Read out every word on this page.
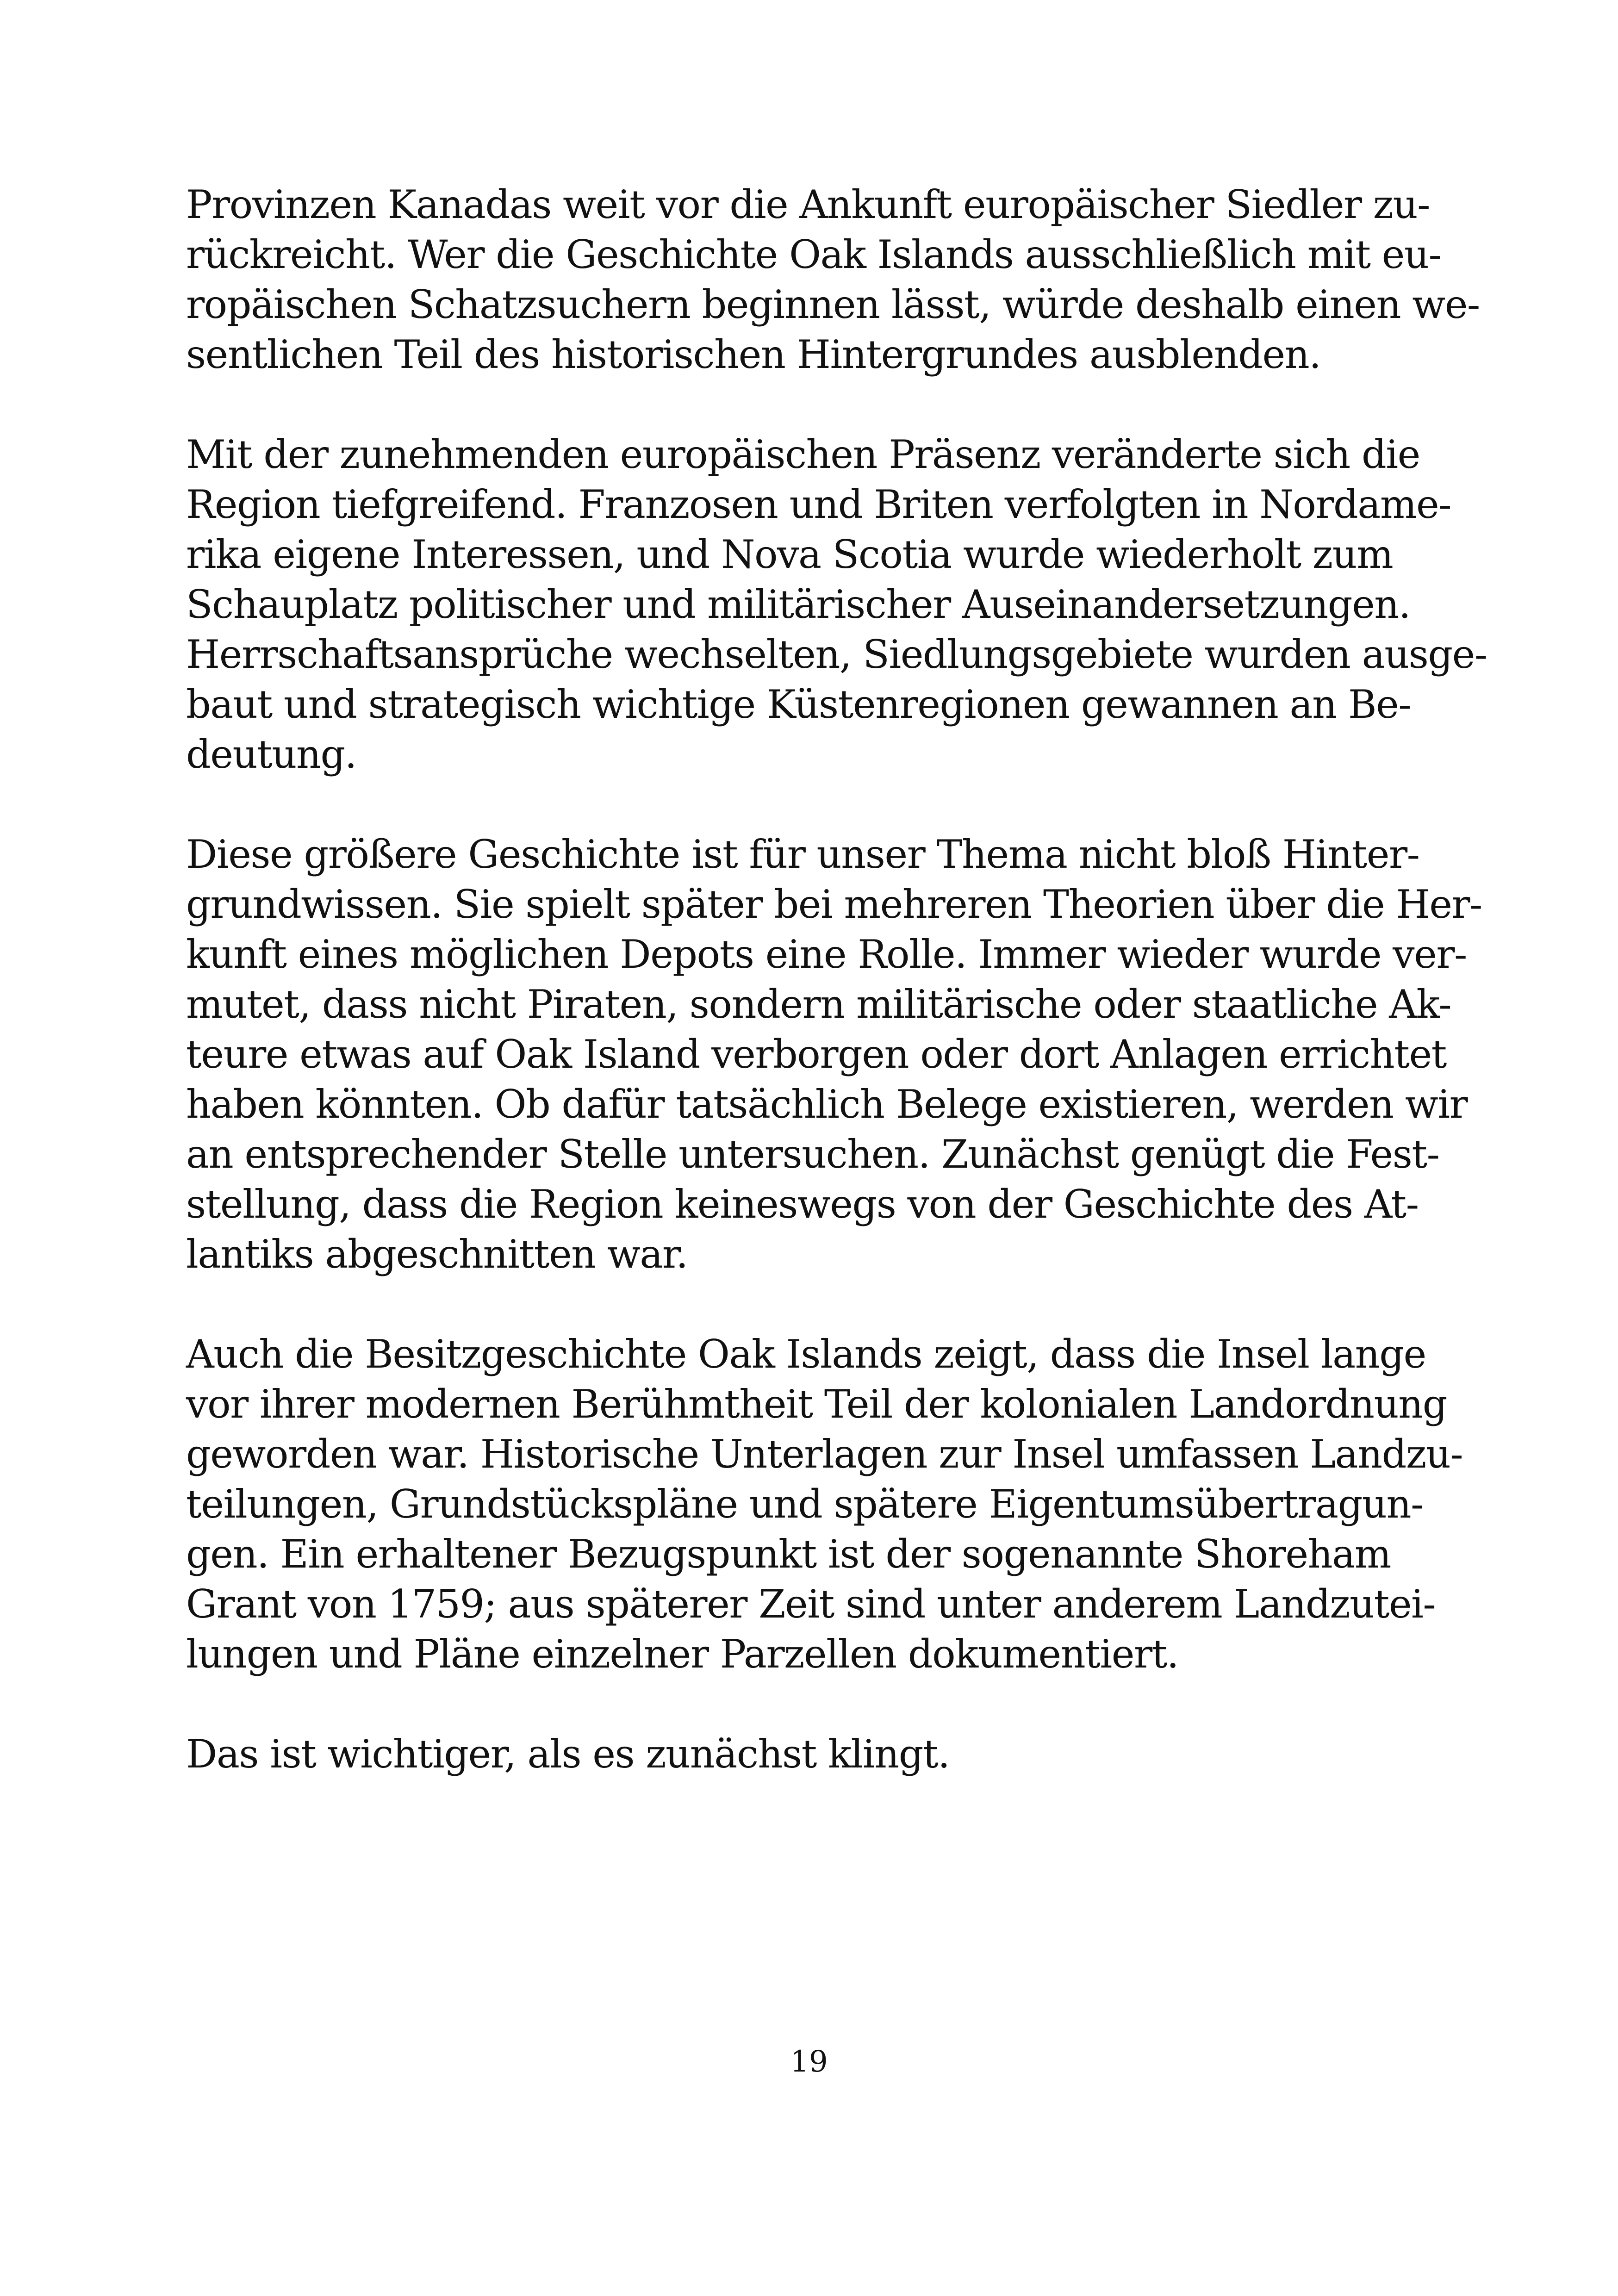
Provinzen Kanadas weit vor die Ankunft europäischer Siedler zu-
rückreicht. Wer die Geschichte Oak Islands ausschließlich mit eu-
ropäischen Schatzsuchern beginnen lässt, würde deshalb einen we-
sentlichen Teil des historischen Hintergrundes ausblenden.

Mit der zunehmenden europäischen Präsenz veränderte sich die
Region tiefgreifend. Franzosen und Briten verfolgten in Nordame-
rika eigene Interessen, und Nova Scotia wurde wiederholt zum
Schauplatz politischer und militärischer Auseinandersetzungen.
Herrschaftsansprüche wechselten, Siedlungsgebiete wurden ausge-
baut und strategisch wichtige Küstenregionen gewannen an Be-
deutung.

Diese größere Geschichte ist für unser Thema nicht bloß Hinter-
grundwissen. Sie spielt später bei mehreren Theorien über die Her-
kunft eines möglichen Depots eine Rolle. Immer wieder wurde ver-
mutet, dass nicht Piraten, sondern militärische oder staatliche Ak-
teure etwas auf Oak Island verborgen oder dort Anlagen errichtet
haben könnten. Ob dafür tatsächlich Belege existieren, werden wir
an entsprechender Stelle untersuchen. Zunächst genügt die Fest-
stellung, dass die Region keineswegs von der Geschichte des At-
lantiks abgeschnitten war.

Auch die Besitzgeschichte Oak Islands zeigt, dass die Insel lange
vor ihrer modernen Berühmtheit Teil der kolonialen Landordnung
geworden war. Historische Unterlagen zur Insel umfassen Landzu-
teilungen, Grundstückspläne und spätere Eigentumsübertragun-
gen. Ein erhaltener Bezugspunkt ist der sogenannte Shoreham
Grant von 1759; aus späterer Zeit sind unter anderem Landzutei-
lungen und Pläne einzelner Parzellen dokumentiert.

Das ist wichtiger, als es zunächst klingt.

19
